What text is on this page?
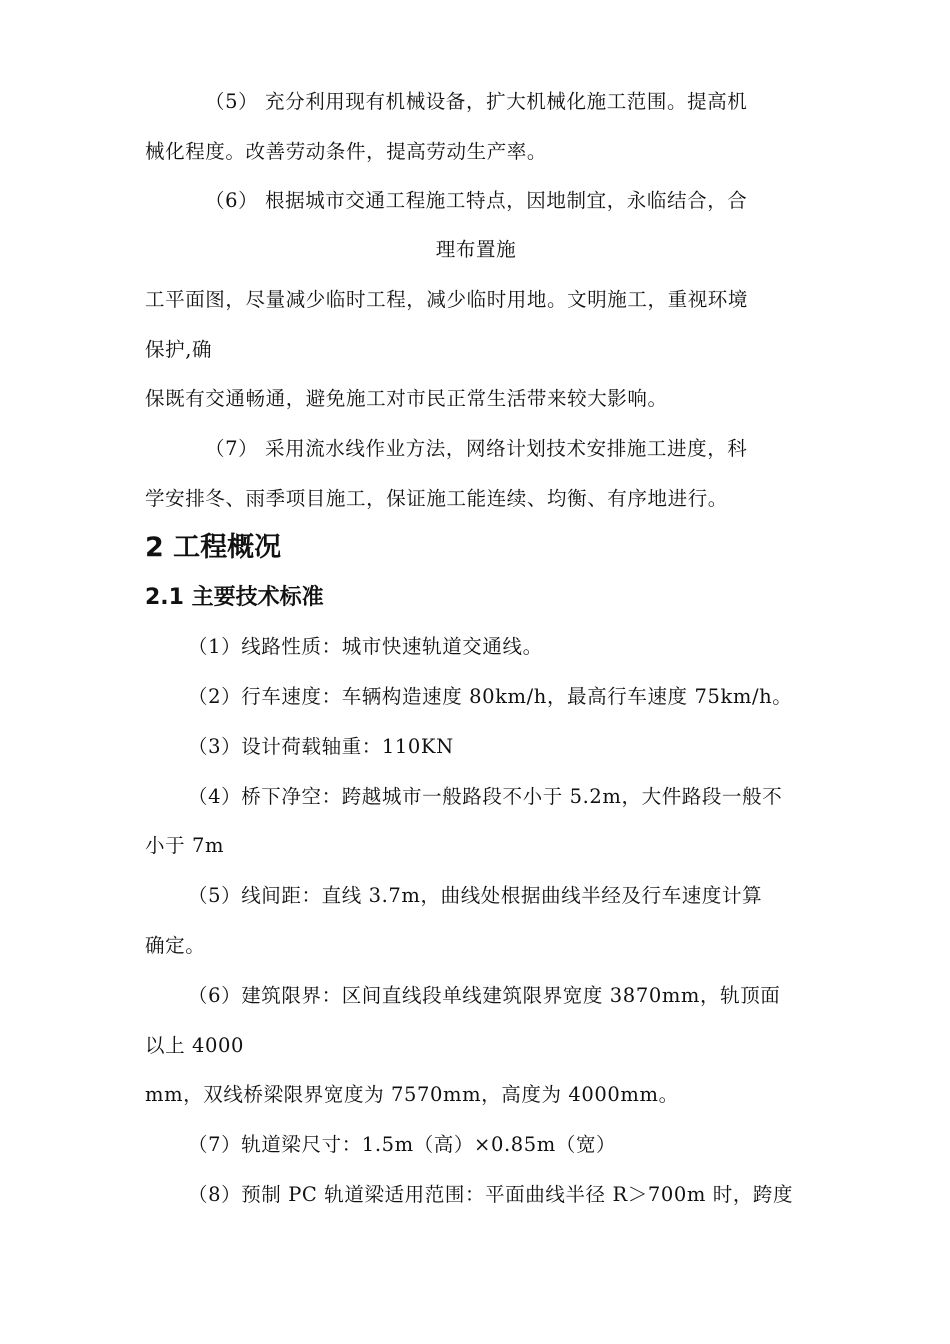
（5） 充分利用现有机械设备，扩大机械化施工范围。提高机
械化程度。改善劳动条件，提高劳动生产率。
（6） 根据城市交通工程施工特点，因地制宜，永临结合，合
理布置施
工平面图，尽量减少临时工程，减少临时用地。文明施工，重视环境
保护,确
保既有交通畅通，避免施工对市民正常生活带来较大影响。
（7） 采用流水线作业方法，网络计划技术安排施工进度，科
学安排冬、雨季项目施工，保证施工能连续、均衡、有序地进行。
2 工程概况
2.1 主要技术标准
（1）线路性质：城市快速轨道交通线。
（2）行车速度：车辆构造速度 80km/h，最高行车速度 75km/h。
（3）设计荷载轴重：110KN
（4）桥下净空：跨越城市一般路段不小于 5.2m，大件路段一般不
小于 7m
（5）线间距：直线 3.7m，曲线处根据曲线半经及行车速度计算
确定。
（6）建筑限界：区间直线段单线建筑限界宽度 3870mm，轨顶面
以上 4000
mm，双线桥梁限界宽度为 7570mm，高度为 4000mm。
（7）轨道梁尺寸：1.5m（高）×0.85m（宽）
（8）预制 PC 轨道梁适用范围：平面曲线半径 R＞700m 时，跨度
